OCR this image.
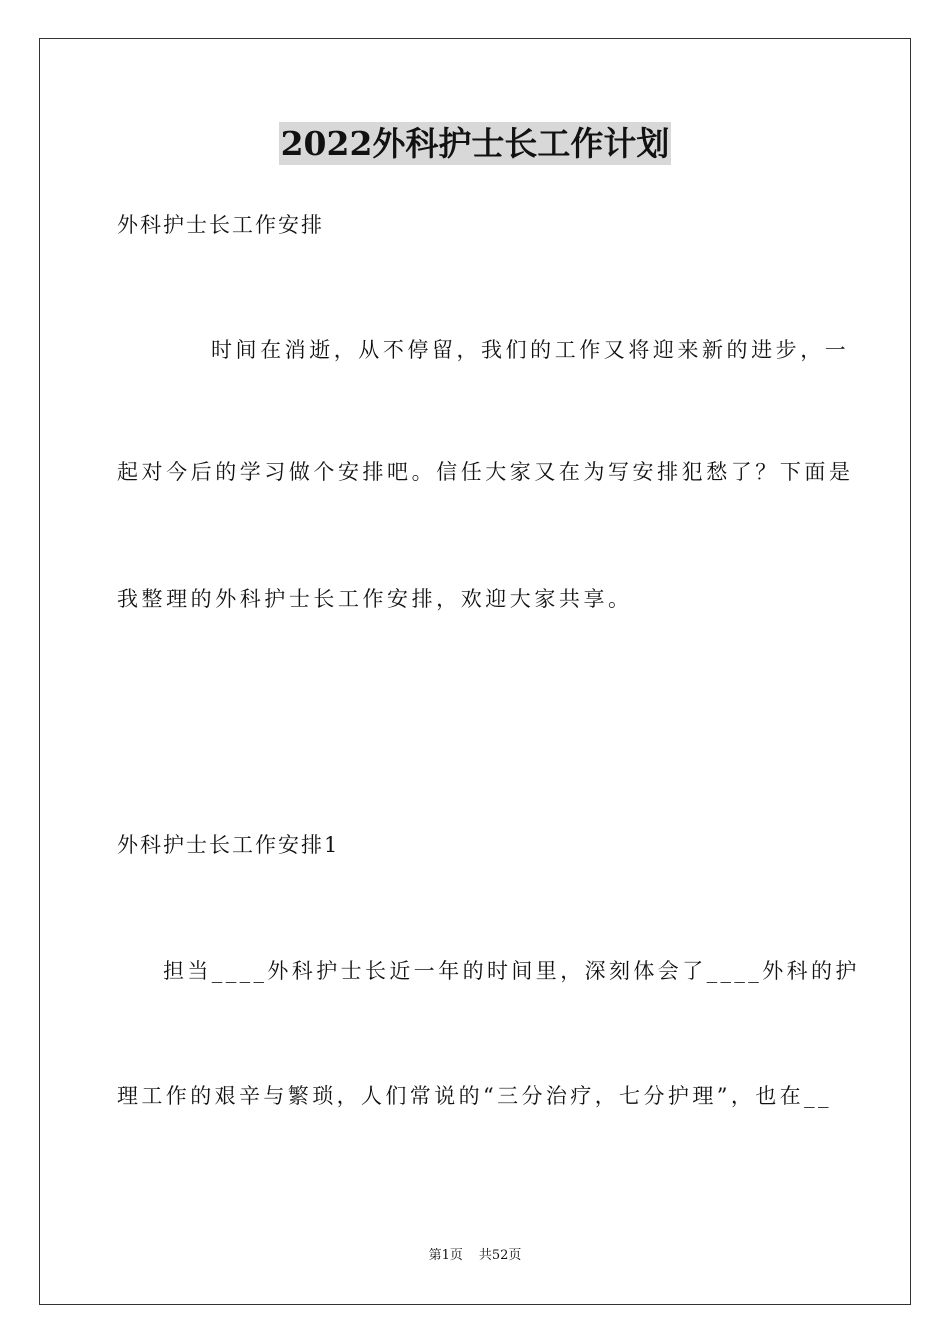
2022外科护士长工作计划
外科护士长工作安排
时间在消逝，从不停留，我们的工作又将迎来新的进步，一
起对今后的学习做个安排吧。信任大家又在为写安排犯愁了？下面是
我整理的外科护士长工作安排，欢迎大家共享。
外科护士长工作安排1
担当____外科护士长近一年的时间里，深刻体会了____外科的护
理工作的艰辛与繁琐，人们常说的“三分治疗，七分护理”，也在__
第1页 共52页
